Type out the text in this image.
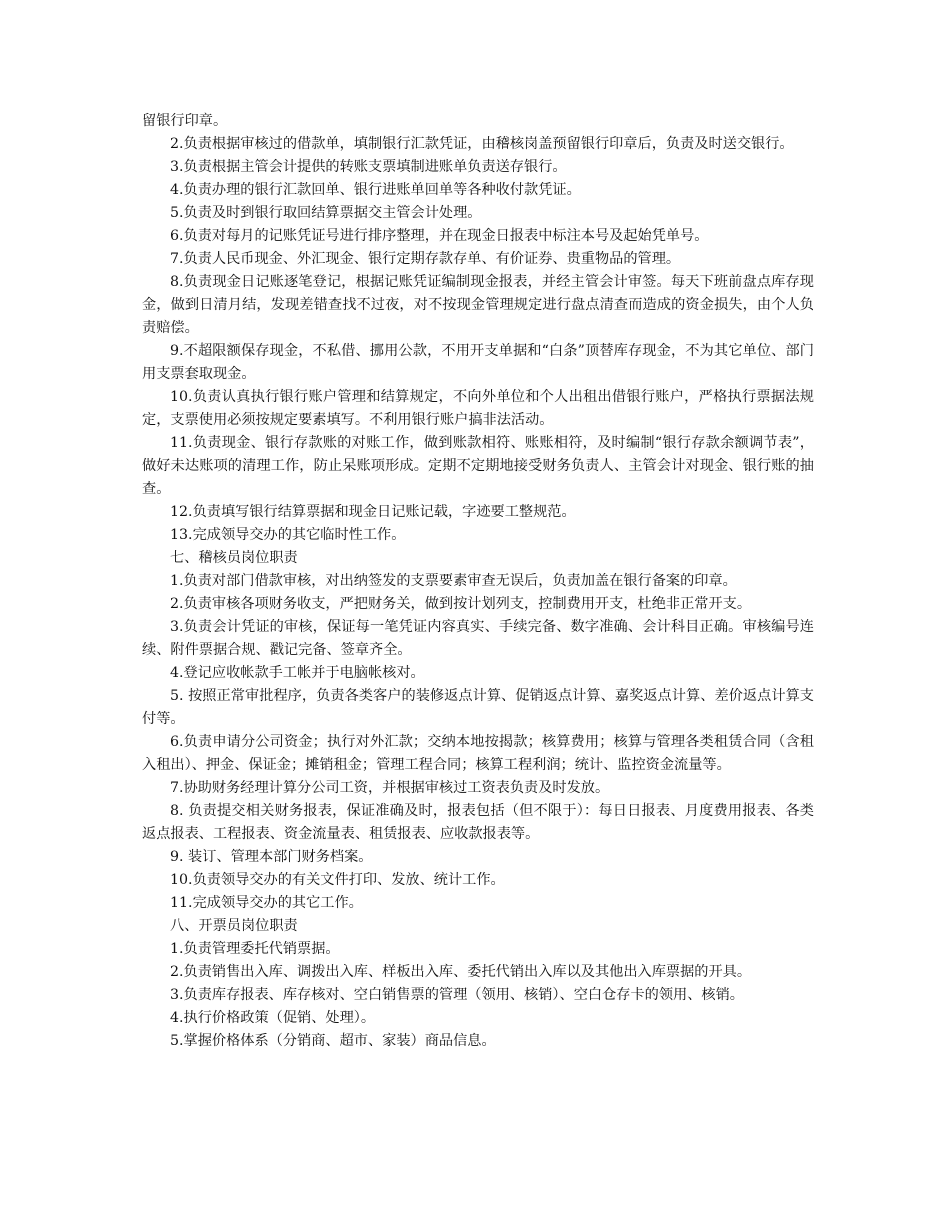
留银行印章。

2.负责根据审核过的借款单，填制银行汇款凭证，由稽核岗盖预留银行印章后，负责及时送交银行。

3.负责根据主管会计提供的转账支票填制进账单负责送存银行。

4.负责办理的银行汇款回单、银行进账单回单等各种收付款凭证。

5.负责及时到银行取回结算票据交主管会计处理。

6.负责对每月的记账凭证号进行排序整理，并在现金日报表中标注本号及起始凭单号。

7.负责人民币现金、外汇现金、银行定期存款存单、有价证券、贵重物品的管理。

8.负责现金日记账逐笔登记，根据记账凭证编制现金报表，并经主管会计审签。每天下班前盘点库存现金，做到日清月结，发现差错查找不过夜，对不按现金管理规定进行盘点清查而造成的资金损失，由个人负责赔偿。

9.不超限额保存现金，不私借、挪用公款，不用开支单据和“白条”顶替库存现金，不为其它单位、部门用支票套取现金。

10.负责认真执行银行账户管理和结算规定，不向外单位和个人出租出借银行账户，严格执行票据法规定，支票使用必须按规定要素填写。不利用银行账户搞非法活动。

11.负责现金、银行存款账的对账工作，做到账款相符、账账相符，及时编制“银行存款余额调节表”，做好未达账项的清理工作，防止呆账项形成。定期不定期地接受财务负责人、主管会计对现金、银行账的抽查。

12.负责填写银行结算票据和现金日记账记载，字迹要工整规范。

13.完成领导交办的其它临时性工作。

七、稽核员岗位职责

1.负责对部门借款审核，对出纳签发的支票要素审查无误后，负责加盖在银行备案的印章。

2.负责审核各项财务收支，严把财务关，做到按计划列支，控制费用开支，杜绝非正常开支。

3.负责会计凭证的审核，保证每一笔凭证内容真实、手续完备、数字准确、会计科目正确。审核编号连续、附件票据合规、戳记完备、签章齐全。

4.登记应收帐款手工帐并于电脑帐核对。

5. 按照正常审批程序，负责各类客户的装修返点计算、促销返点计算、嘉奖返点计算、差价返点计算支付等。

6.负责申请分公司资金；执行对外汇款；交纳本地按揭款；核算费用；核算与管理各类租赁合同（含租入租出）、押金、保证金；摊销租金；管理工程合同；核算工程利润；统计、监控资金流量等。

7.协助财务经理计算分公司工资，并根据审核过工资表负责及时发放。

8. 负责提交相关财务报表，保证准确及时，报表包括（但不限于）：每日日报表、月度费用报表、各类返点报表、工程报表、资金流量表、租赁报表、应收款报表等。

9. 装订、管理本部门财务档案。

10.负责领导交办的有关文件打印、发放、统计工作。

11.完成领导交办的其它工作。

八、开票员岗位职责

1.负责管理委托代销票据。

2.负责销售出入库、调拨出入库、样板出入库、委托代销出入库以及其他出入库票据的开具。

3.负责库存报表、库存核对、空白销售票的管理（领用、核销）、空白仓存卡的领用、核销。

4.执行价格政策（促销、处理）。

5.掌握价格体系（分销商、超市、家装）商品信息。
